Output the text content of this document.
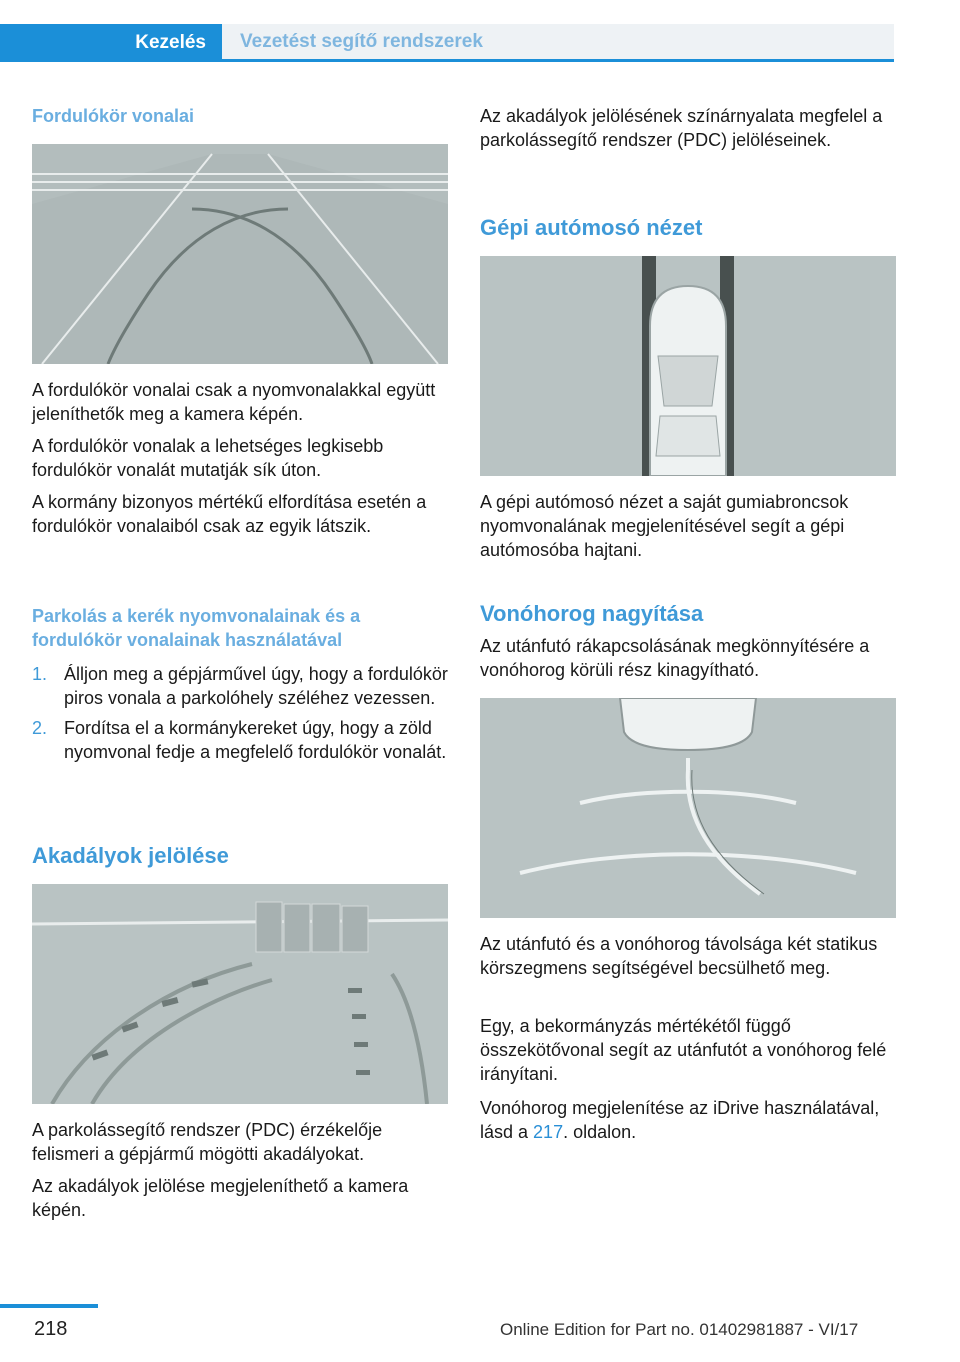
Kezelés	Vezetést segítő rendszerek
Fordulókör vonalai

A fordulókör vonalai csak a nyomvonalakkal együtt jeleníthetők meg a kamera képén.

A fordulókör vonalak a lehetséges legkisebb fordulókör vonalát mutatják sík úton.

A kormány bizonyos mértékű elfordítása esetén a fordulókör vonalaiból csak az egyik látszik.

Parkolás a kerék nyomvonalainak és a fordulókör vonalainak használatával
1. Álljon meg a gépjárművel úgy, hogy a fordulókör piros vonala a parkolóhely széléhez vezessen.
2. Fordítsa el a kormánykereket úgy, hogy a zöld nyomvonal fedje a megfelelő fordulókör vonalát.
Akadályok jelölése

A parkolássegítő rendszer (PDC) érzékelője felismeri a gépjármű mögötti akadályokat.

Az akadályok jelölése megjeleníthető a kamera képén.

Az akadályok jelölésének színárnyalata megfelel a parkolássegítő rendszer (PDC) jelöléseinek.

Gépi autómosó nézet

A gépi autómosó nézet a saját gumiabroncsok nyomvonalának megjelenítésével segít a gépi autómosóba hajtani.

Vonóhorog nagyítása

Az utánfutó rákapcsolásának megkönnyítésére a vonóhorog körüli rész kinagyítható.

Az utánfutó és a vonóhorog távolsága két statikus körszegmens segítségével becsülhető meg.

Egy, a bekormányzás mértékétől függő összekötővonal segít az utánfutót a vonóhorog felé irányítani.

Vonóhorog megjelenítése az iDrive használatával, lásd a 217. oldalon.

218	Online Edition for Part no. 01402981887 - VI/17
